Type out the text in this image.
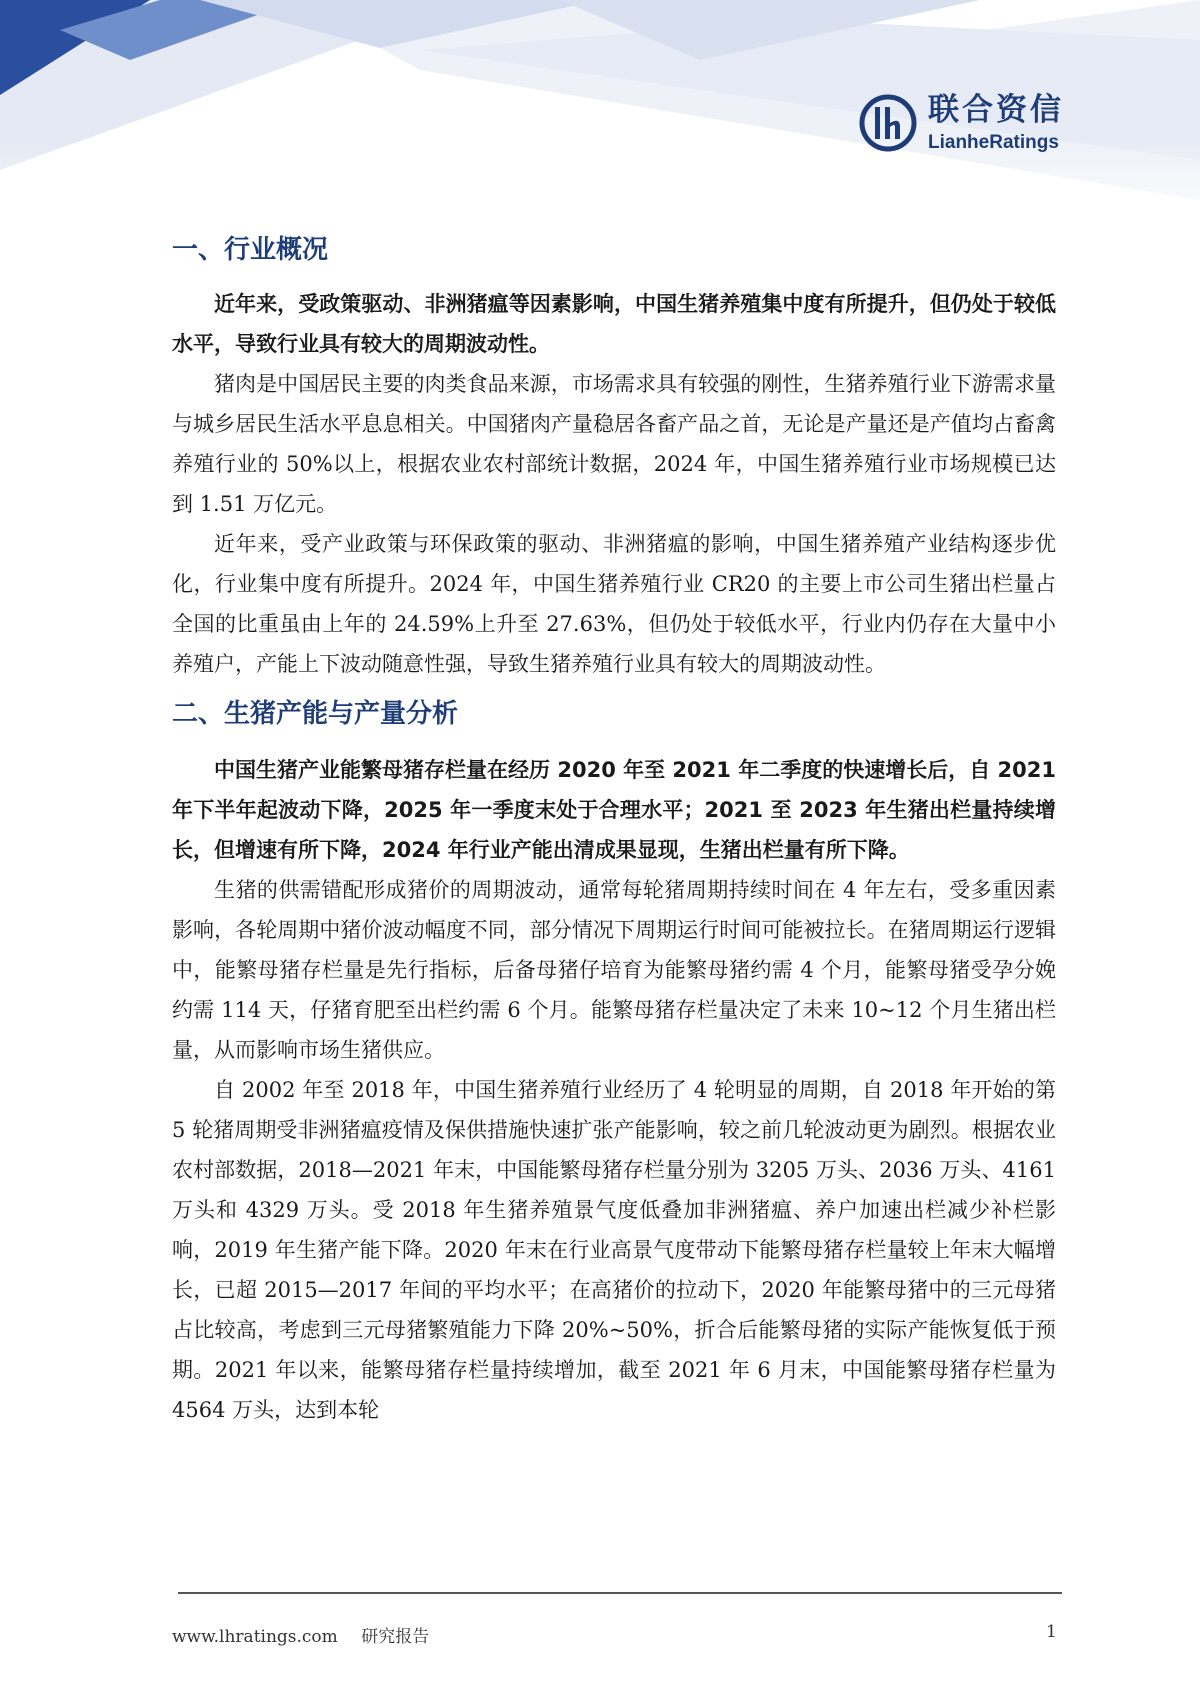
联合资信
LianheRatings
一、行业概况

近年来，受政策驱动、非洲猪瘟等因素影响，中国生猪养殖集中度有所提升，但仍处于较低水平，导致行业具有较大的周期波动性。

猪肉是中国居民主要的肉类食品来源，市场需求具有较强的刚性，生猪养殖行业下游需求量与城乡居民生活水平息息相关。中国猪肉产量稳居各畜产品之首，无论是产量还是产值均占畜禽养殖行业的 50%以上，根据农业农村部统计数据，2024 年，中国生猪养殖行业市场规模已达到 1.51 万亿元。

近年来，受产业政策与环保政策的驱动、非洲猪瘟的影响，中国生猪养殖产业结构逐步优化，行业集中度有所提升。2024 年，中国生猪养殖行业 CR20 的主要上市公司生猪出栏量占全国的比重虽由上年的 24.59%上升至 27.63%，但仍处于较低水平，行业内仍存在大量中小养殖户，产能上下波动随意性强，导致生猪养殖行业具有较大的周期波动性。

二、生猪产能与产量分析

中国生猪产业能繁母猪存栏量在经历 2020 年至 2021 年二季度的快速增长后，自 2021 年下半年起波动下降，2025 年一季度末处于合理水平；2021 至 2023 年生猪出栏量持续增长，但增速有所下降，2024 年行业产能出清成果显现，生猪出栏量有所下降。

生猪的供需错配形成猪价的周期波动，通常每轮猪周期持续时间在 4 年左右，受多重因素影响，各轮周期中猪价波动幅度不同，部分情况下周期运行时间可能被拉长。在猪周期运行逻辑中，能繁母猪存栏量是先行指标，后备母猪仔培育为能繁母猪约需 4 个月，能繁母猪受孕分娩约需 114 天，仔猪育肥至出栏约需 6 个月。能繁母猪存栏量决定了未来 10~12 个月生猪出栏量，从而影响市场生猪供应。

自 2002 年至 2018 年，中国生猪养殖行业经历了 4 轮明显的周期，自 2018 年开始的第 5 轮猪周期受非洲猪瘟疫情及保供措施快速扩张产能影响，较之前几轮波动更为剧烈。根据农业农村部数据，2018—2021 年末，中国能繁母猪存栏量分别为 3205 万头、2036 万头、4161 万头和 4329 万头。受 2018 年生猪养殖景气度低叠加非洲猪瘟、养户加速出栏减少补栏影响，2019 年生猪产能下降。2020 年末在行业高景气度带动下能繁母猪存栏量较上年末大幅增长，已超 2015—2017 年间的平均水平；在高猪价的拉动下，2020 年能繁母猪中的三元母猪占比较高，考虑到三元母猪繁殖能力下降 20%~50%，折合后能繁母猪的实际产能恢复低于预期。2021 年以来，能繁母猪存栏量持续增加，截至 2021 年 6 月末，中国能繁母猪存栏量为 4564 万头，达到本轮

www.lhratings.com 研究报告	1
